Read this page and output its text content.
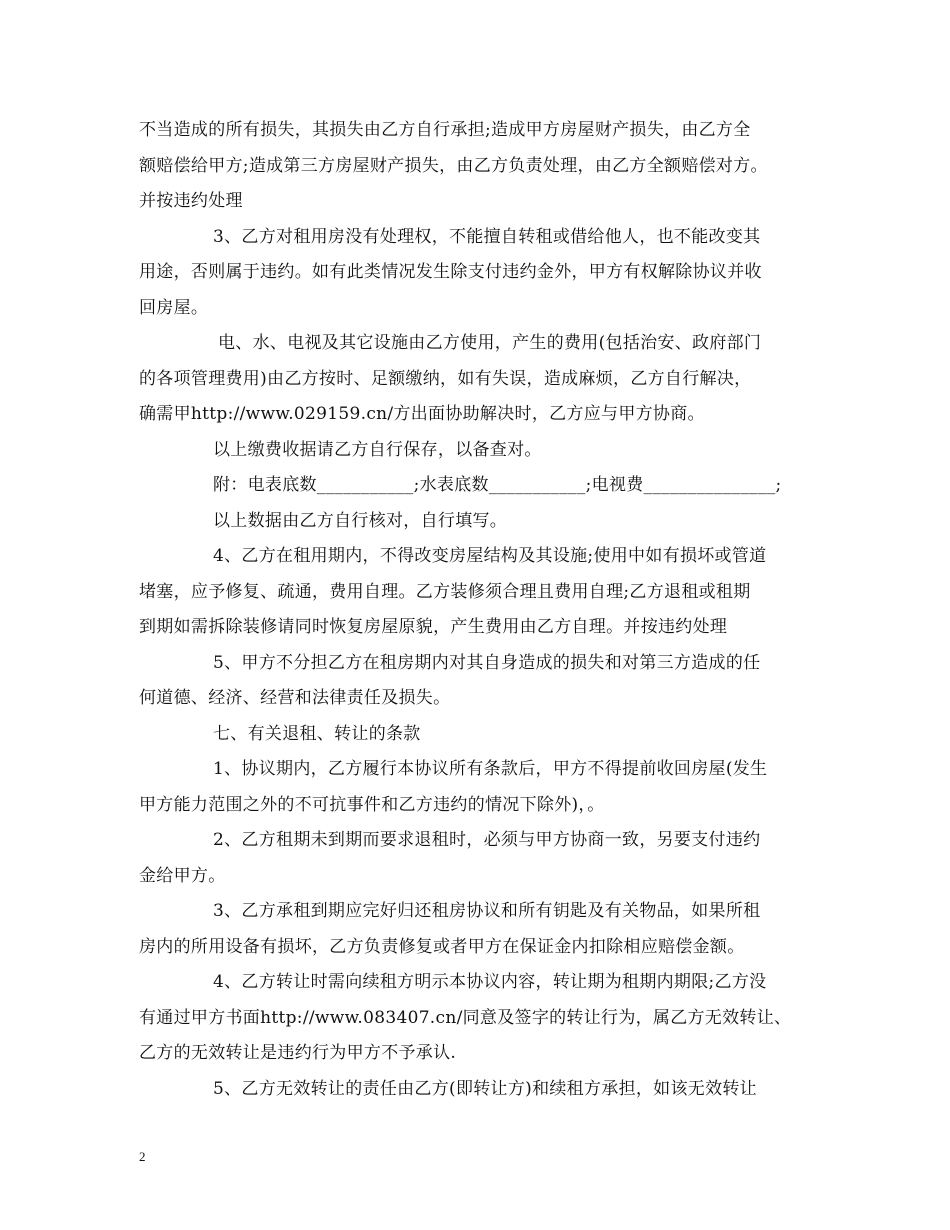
不当造成的所有损失，其损失由乙方自行承担;造成甲方房屋财产损失，由乙方全
额赔偿给甲方;造成第三方房屋财产损失，由乙方负责处理，由乙方全额赔偿对方。
并按违约处理
3、乙方对租用房没有处理权，不能擅自转租或借给他人，也不能改变其
用途，否则属于违约。如有此类情况发生除支付违约金外，甲方有权解除协议并收
回房屋。
电、水、电视及其它设施由乙方使用，产生的费用(包括治安、政府部门
的各项管理费用)由乙方按时、足额缴纳，如有失误，造成麻烦，乙方自行解决，
确需甲http://www.029159.cn/方出面协助解决时，乙方应与甲方协商。
以上缴费收据请乙方自行保存，以备查对。
附：电表底数___________;水表底数___________;电视费_______________;
以上数据由乙方自行核对，自行填写。
4、乙方在租用期内，不得改变房屋结构及其设施;使用中如有损坏或管道
堵塞，应予修复、疏通，费用自理。乙方装修须合理且费用自理;乙方退租或租期
到期如需拆除装修请同时恢复房屋原貌，产生费用由乙方自理。并按违约处理
5、甲方不分担乙方在租房期内对其自身造成的损失和对第三方造成的任
何道德、经济、经营和法律责任及损失。
七、有关退租、转让的条款
1、协议期内，乙方履行本协议所有条款后，甲方不得提前收回房屋(发生
甲方能力范围之外的不可抗事件和乙方违约的情况下除外)，。
2、乙方租期未到期而要求退租时，必须与甲方协商一致，另要支付违约
金给甲方。
3、乙方承租到期应完好归还租房协议和所有钥匙及有关物品，如果所租
房内的所用设备有损坏，乙方负责修复或者甲方在保证金内扣除相应赔偿金额。
4、乙方转让时需向续租方明示本协议内容，转让期为租期内期限;乙方没
有通过甲方书面http://www.083407.cn/同意及签字的转让行为，属乙方无效转让、
乙方的无效转让是违约行为甲方不予承认.
5、乙方无效转让的责任由乙方(即转让方)和续租方承担，如该无效转让
2
